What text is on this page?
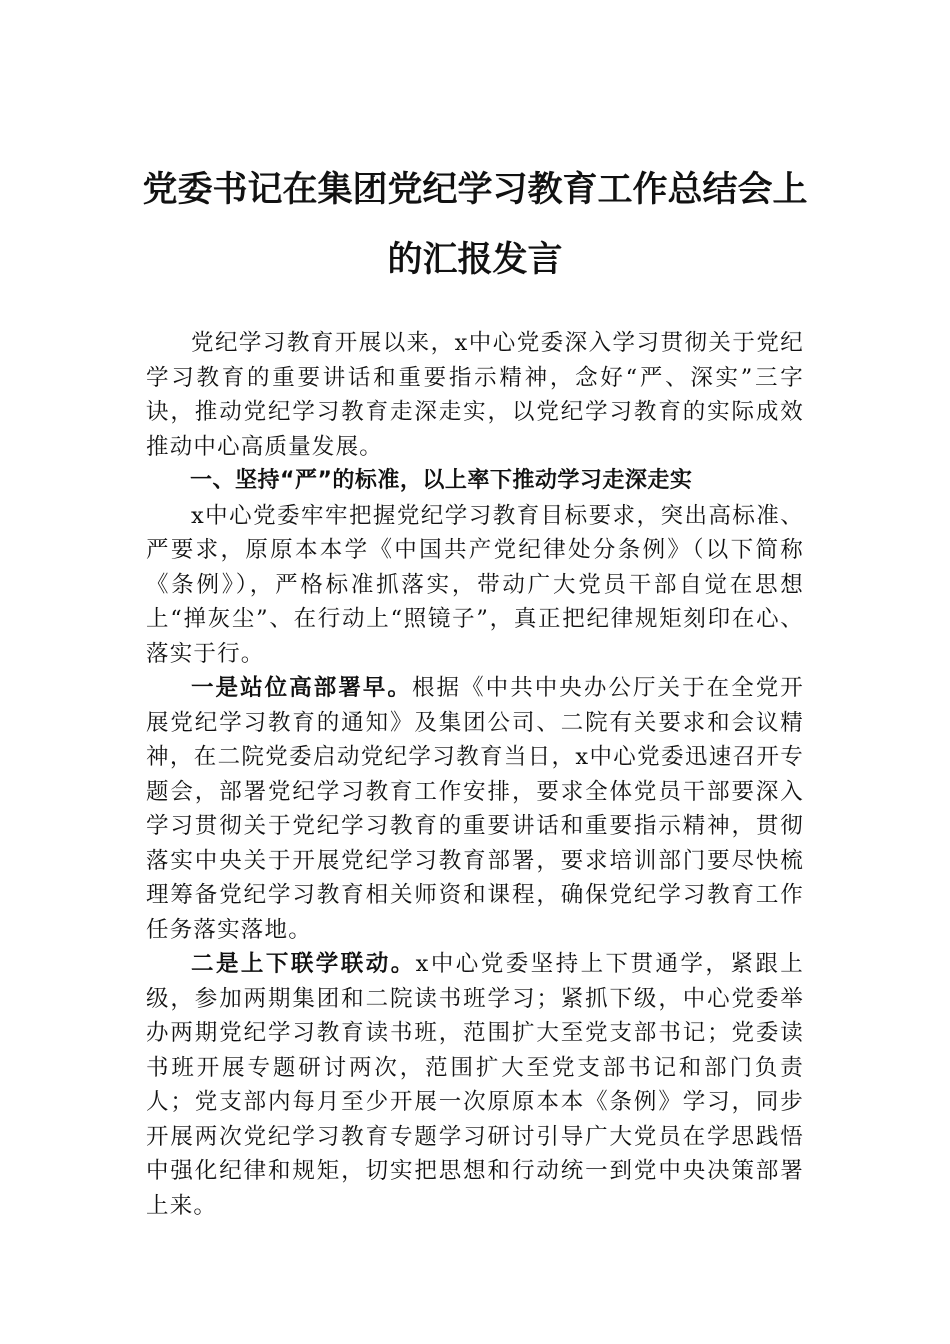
党委书记在集团党纪学习教育工作总结会上的汇报发言

党纪学习教育开展以来，x中心党委深入学习贯彻关于党纪学习教育的重要讲话和重要指示精神，念好“严、深实”三字诀，推动党纪学习教育走深走实，以党纪学习教育的实际成效推动中心高质量发展。

一、坚持“严”的标准，以上率下推动学习走深走实

x中心党委牢牢把握党纪学习教育目标要求，突出高标准、严要求，原原本本学《中国共产党纪律处分条例》（以下简称《条例》），严格标准抓落实，带动广大党员干部自觉在思想上“掸灰尘”、在行动上“照镜子”，真正把纪律规矩刻印在心、落实于行。

一是站位高部署早。根据《中共中央办公厅关于在全党开展党纪学习教育的通知》及集团公司、二院有关要求和会议精神，在二院党委启动党纪学习教育当日，x中心党委迅速召开专题会，部署党纪学习教育工作安排，要求全体党员干部要深入学习贯彻关于党纪学习教育的重要讲话和重要指示精神，贯彻落实中央关于开展党纪学习教育部署，要求培训部门要尽快梳理筹备党纪学习教育相关师资和课程，确保党纪学习教育工作任务落实落地。

二是上下联学联动。x中心党委坚持上下贯通学，紧跟上级，参加两期集团和二院读书班学习；紧抓下级，中心党委举办两期党纪学习教育读书班，范围扩大至党支部书记；党委读书班开展专题研讨两次，范围扩大至党支部书记和部门负责人；党支部内每月至少开展一次原原本本《条例》学习，同步开展两次党纪学习教育专题学习研讨引导广大党员在学思践悟中强化纪律和规矩，切实把思想和行动统一到党中央决策部署上来。
